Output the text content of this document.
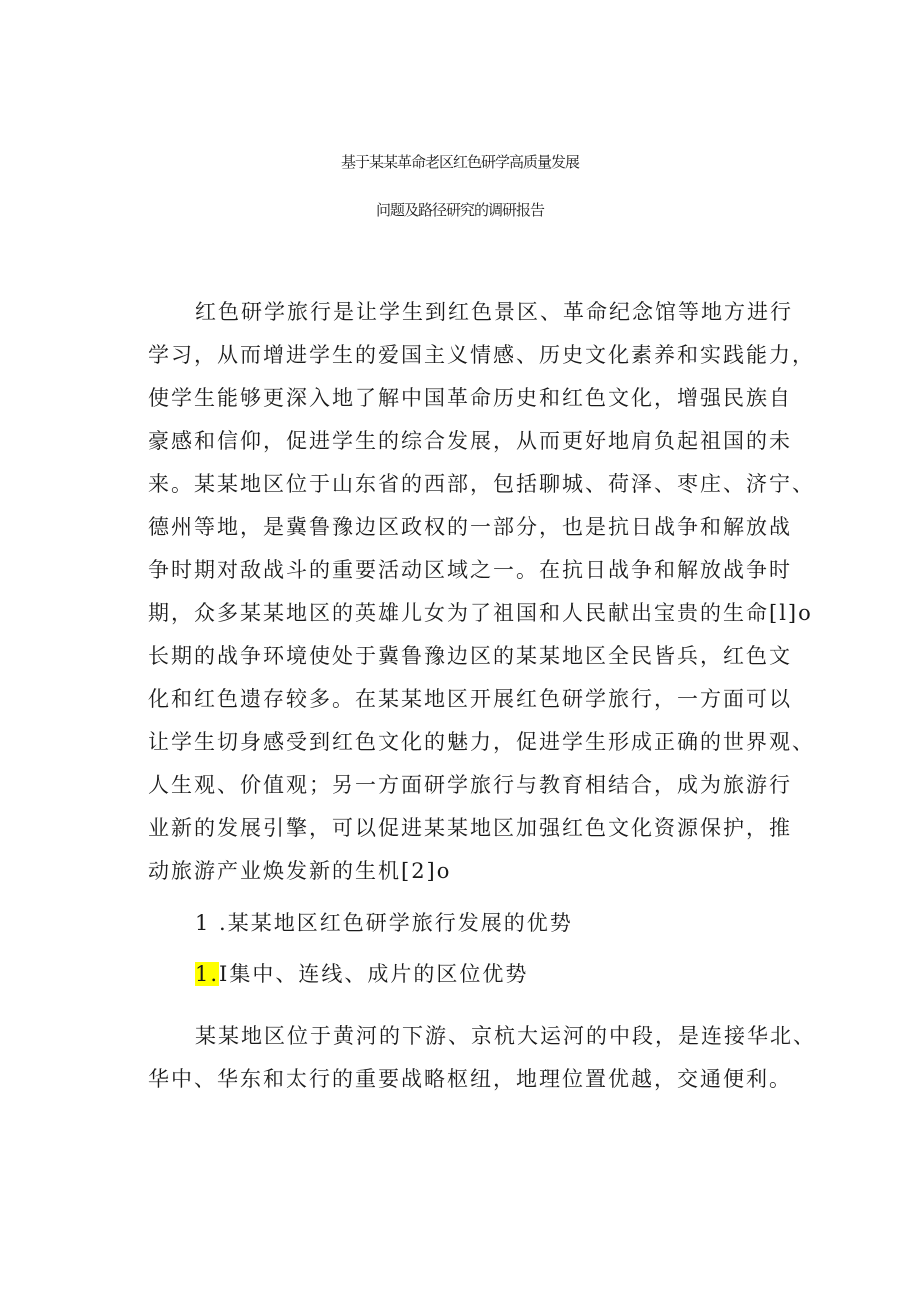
基于某某革命老区红色研学高质量发展
问题及路径研究的调研报告

红色研学旅行是让学生到红色景区、革命纪念馆等地方进行

学习，从而增进学生的爱国主义情感、历史文化素养和实践能力，

使学生能够更深入地了解中国革命历史和红色文化，增强民族自

豪感和信仰，促进学生的综合发展，从而更好地肩负起祖国的未

来。某某地区位于山东省的西部，包括聊城、荷泽、枣庄、济宁、

德州等地，是冀鲁豫边区政权的一部分，也是抗日战争和解放战

争时期对敌战斗的重要活动区域之一。在抗日战争和解放战争时

期，众多某某地区的英雄儿女为了祖国和人民献出宝贵的生命[l]o

长期的战争环境使处于冀鲁豫边区的某某地区全民皆兵，红色文

化和红色遗存较多。在某某地区开展红色研学旅行，一方面可以

让学生切身感受到红色文化的魅力，促进学生形成正确的世界观、

人生观、价值观；另一方面研学旅行与教育相结合，成为旅游行

业新的发展引擎，可以促进某某地区加强红色文化资源保护，推

动旅游产业焕发新的生机[2]o

1 .某某地区红色研学旅行发展的优势

1.I集中、连线、成片的区位优势

某某地区位于黄河的下游、京杭大运河的中段，是连接华北、

华中、华东和太行的重要战略枢纽，地理位置优越，交通便利。
